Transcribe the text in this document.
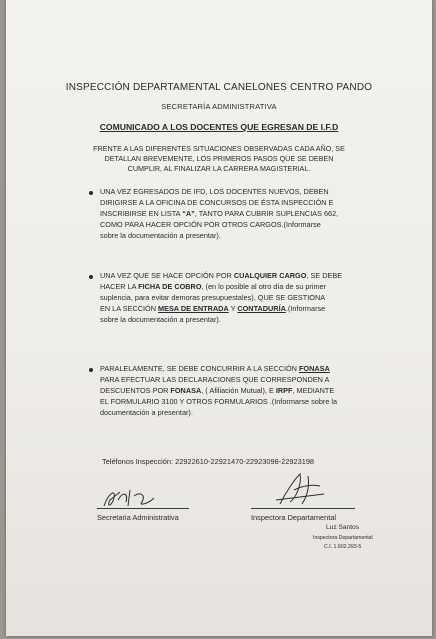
INSPECCIÓN DEPARTAMENTAL CANELONES CENTRO PANDO
SECRETARÍA ADMINISTRATIVA
COMUNICADO A LOS DOCENTES QUE EGRESAN DE I.F.D
FRENTE A LAS DIFERENTES SITUACIONES OBSERVADAS CADA AÑO, SE
DETALLAN BREVEMENTE, LOS PRIMEROS PASOS QUE SE DEBEN
CUMPLIR, AL FINALIZAR LA CARRERA MAGISTERIAL.
UNA VEZ EGRESADOS DE IFD, LOS DOCENTES NUEVOS, DEBEN
DIRIGIRSE A LA OFICINA DE CONCURSOS DE ÉSTA INSPECCIÓN E
INSCRIBIRSE EN LISTA “A”, TANTO PARA CUBRIR SUPLENCIAS 662,
COMO PARA HACER OPCIÓN POR OTROS CARGOS.(Informarse
sobre la documentación a presentar).
UNA VEZ QUE SE HACE OPCIÓN POR CUALQUIER CARGO, SE DEBE
HACER LA FICHA DE COBRO, (en lo posible al otro día de su primer
suplencia, para evitar demoras presupuestales), QUE SE GESTIONA
EN LA SECCIÓN MESA DE ENTRADA Y CONTADURÍA.(Informarse
sobre la documentación a presentar).
PARALELAMENTE, SE DEBE CONCURRIR A LA SECCIÓN FONASA
PARA EFECTUAR LAS DECLARACIONES QUE CORRESPONDEN A
DESCUENTOS POR FONASA, ( Afiliación Mutual), E IRPF, MEDIANTE
EL FORMULARIO 3100 Y OTROS FORMULARIOS .(Informarse sobre la
documentación a presentar).
Teléfonos Inspección: 22922610-22921470-22923098-22923198
Secretaria Administrativa	Inspectora Departamental
Luz Santos
Inspectora Departamental
C.I. 1.602.393-5
